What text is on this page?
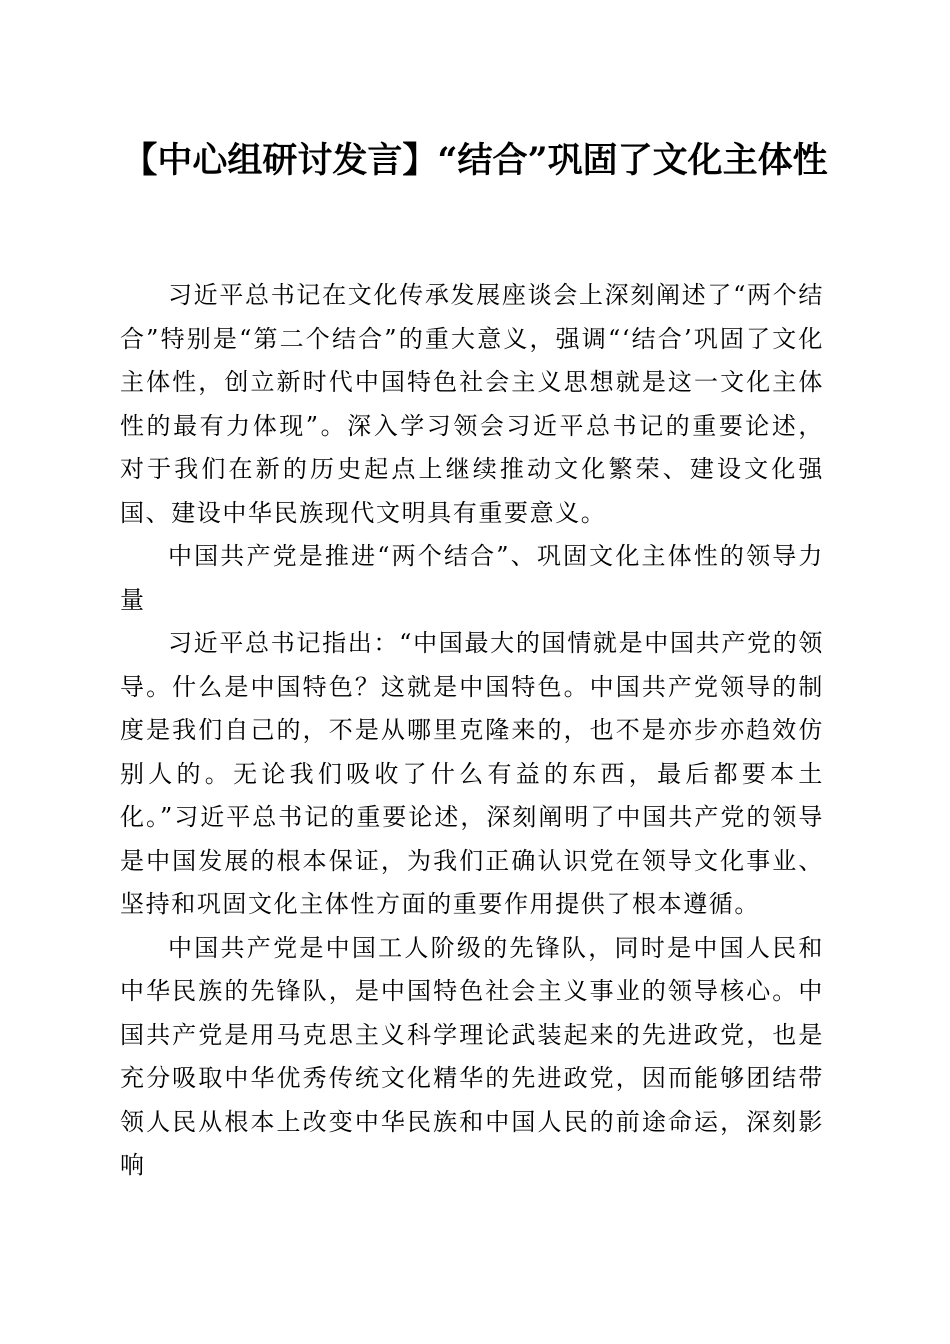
【中心组研讨发言】“结合”巩固了文化主体性

习近平总书记在文化传承发展座谈会上深刻阐述了“两个结合”特别是“第二个结合”的重大意义，强调“‘结合’巩固了文化主体性，创立新时代中国特色社会主义思想就是这一文化主体性的最有力体现”。深入学习领会习近平总书记的重要论述，对于我们在新的历史起点上继续推动文化繁荣、建设文化强国、建设中华民族现代文明具有重要意义。

中国共产党是推进“两个结合”、巩固文化主体性的领导力量

习近平总书记指出：“中国最大的国情就是中国共产党的领导。什么是中国特色？这就是中国特色。中国共产党领导的制度是我们自己的，不是从哪里克隆来的，也不是亦步亦趋效仿别人的。无论我们吸收了什么有益的东西，最后都要本土化。”习近平总书记的重要论述，深刻阐明了中国共产党的领导是中国发展的根本保证，为我们正确认识党在领导文化事业、坚持和巩固文化主体性方面的重要作用提供了根本遵循。

中国共产党是中国工人阶级的先锋队，同时是中国人民和中华民族的先锋队，是中国特色社会主义事业的领导核心。中国共产党是用马克思主义科学理论武装起来的先进政党，也是充分吸取中华优秀传统文化精华的先进政党，因而能够团结带领人民从根本上改变中华民族和中国人民的前途命运，深刻影响
